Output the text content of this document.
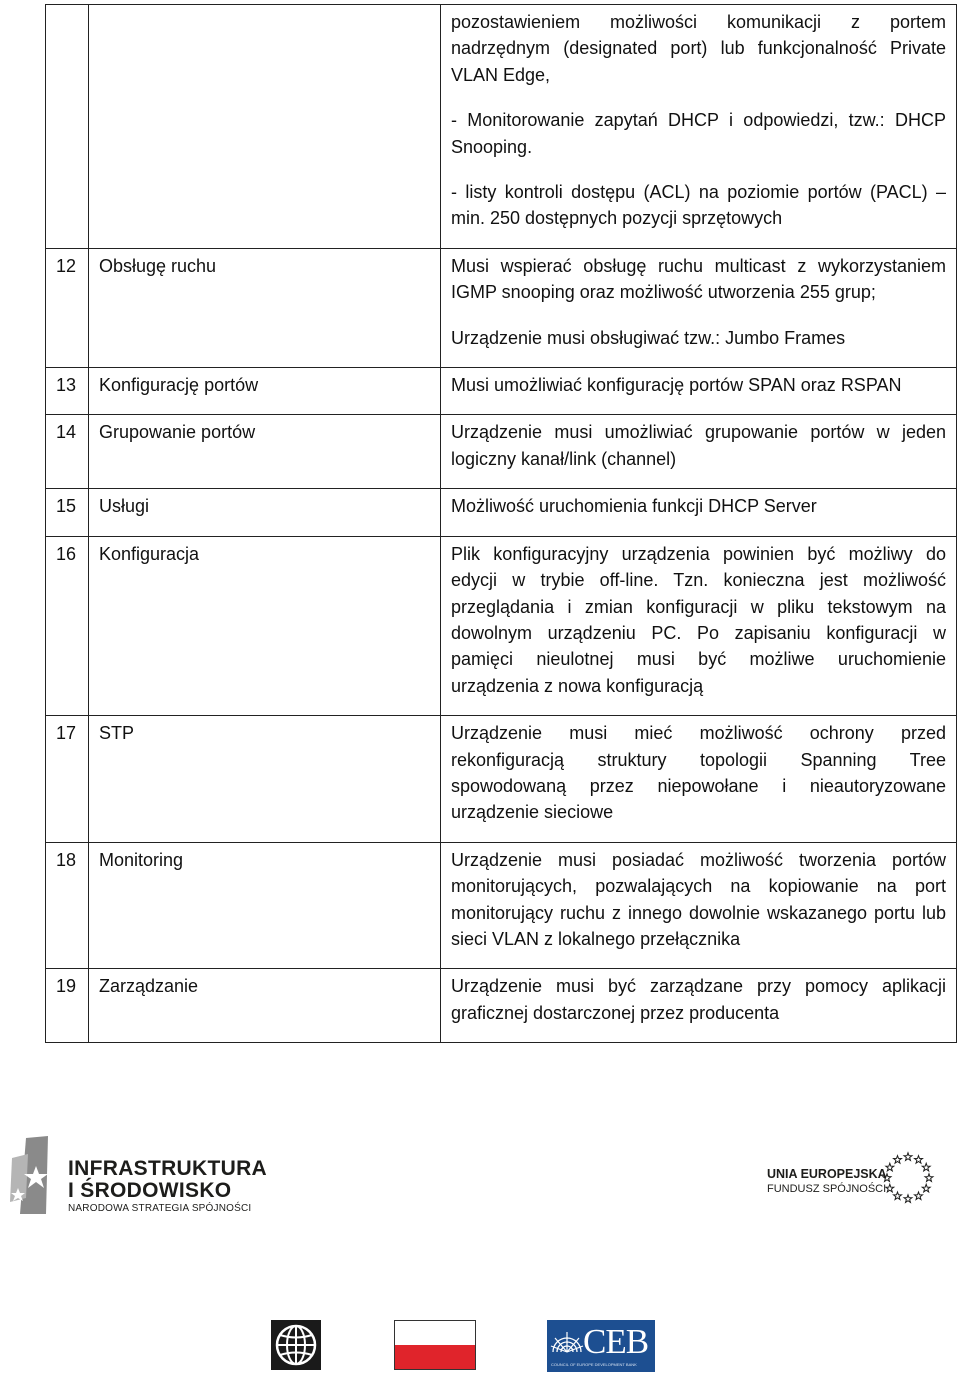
		pozostawieniem możliwości komunikacji z portem nadrzędnym (designated port) lub funkcjonalność Private VLAN Edge,

- Monitorowanie zapytań DHCP i odpowiedzi, tzw.: DHCP Snooping.

- listy kontroli dostępu (ACL) na poziomie portów (PACL) – min. 250 dostępnych pozycji sprzętowych

12	Obsługę ruchu	Musi wspierać obsługę ruchu multicast z wykorzystaniem IGMP snooping oraz możliwość utworzenia 255 grup;

Urządzenie musi obsługiwać tzw.: Jumbo Frames

13	Konfigurację portów	Musi umożliwiać konfigurację portów SPAN oraz RSPAN

14	Grupowanie portów	Urządzenie musi umożliwiać grupowanie portów w jeden logiczny kanał/link (channel)

15	Usługi	Możliwość uruchomienia funkcji DHCP Server

16	Konfiguracja	Plik konfiguracyjny urządzenia powinien być możliwy do edycji w trybie off-line. Tzn. konieczna jest możliwość przeglądania i zmian konfiguracji w pliku tekstowym na dowolnym urządzeniu PC. Po zapisaniu konfiguracji w pamięci nieulotnej musi być możliwe uruchomienie urządzenia z nowa konfiguracją

17	STP	Urządzenie musi mieć możliwość ochrony przed rekonfiguracją struktury topologii Spanning Tree spowodowaną przez niepowołane i nieautoryzowane urządzenie sieciowe

18	Monitoring	Urządzenie musi posiadać możliwość tworzenia portów monitorujących, pozwalających na kopiowanie na port monitorujący ruchu z innego dowolnie wskazanego portu lub sieci VLAN z lokalnego przełącznika

19	Zarządzanie	Urządzenie musi być zarządzane przy pomocy aplikacji graficznej dostarczonej przez producenta

INFRASTRUKTURA
I ŚRODOWISKO
NARODOWA STRATEGIA SPÓJNOŚCI
UNIA EUROPEJSKA
FUNDUSZ SPÓJNOŚCI
CEB
COUNCIL OF EUROPE DEVELOPMENT BANK
